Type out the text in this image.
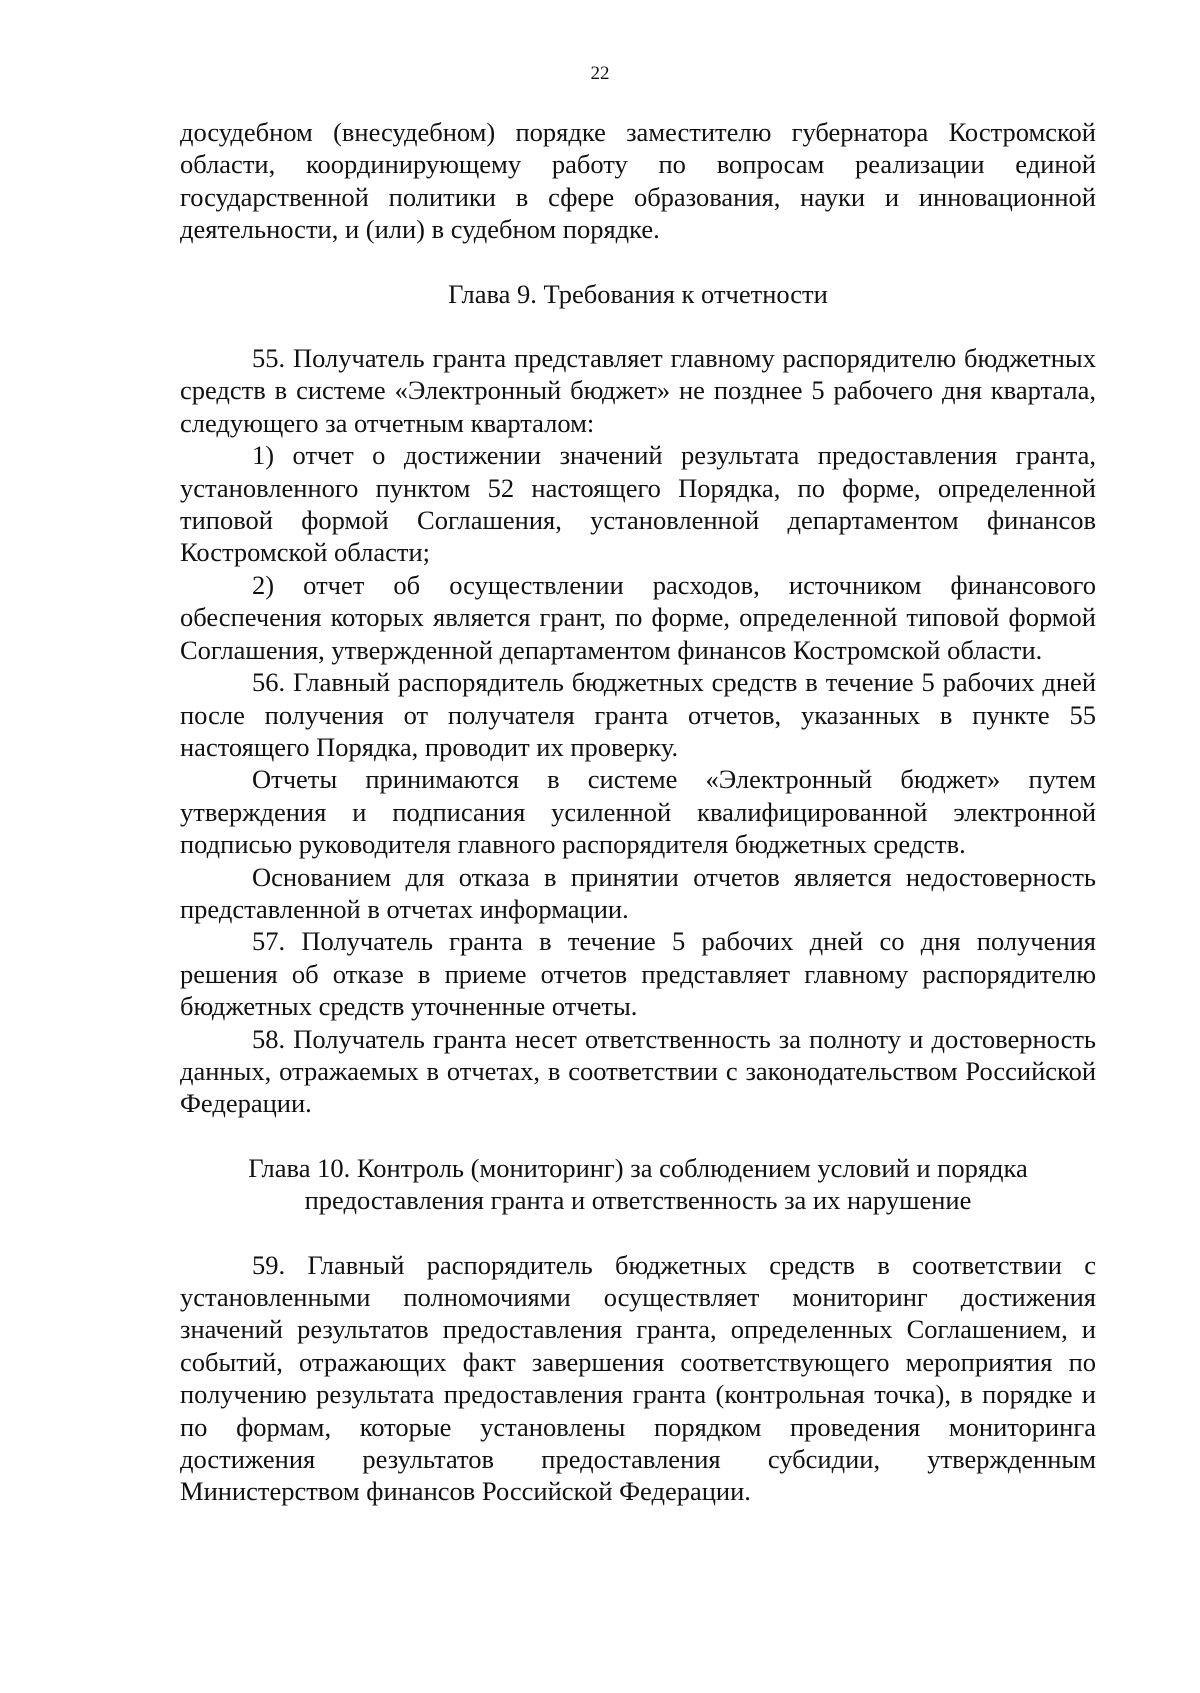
22

досудебном (внесудебном) порядке заместителю губернатора Костромской области, координирующему работу по вопросам реализации единой государственной политики в сфере образования, науки и инновационной деятельности, и (или) в судебном порядке.

Глава 9. Требования к отчетности

55. Получатель гранта представляет главному распорядителю бюджетных средств в системе «Электронный бюджет» не позднее 5 рабочего дня квартала, следующего за отчетным кварталом:

1) отчет о достижении значений результата предоставления гранта, установленного пунктом 52 настоящего Порядка, по форме, определенной типовой формой Соглашения, установленной департаментом финансов Костромской области;

2) отчет об осуществлении расходов, источником финансового обеспечения которых является грант, по форме, определенной типовой формой Соглашения, утвержденной департаментом финансов Костромской области.

56. Главный распорядитель бюджетных средств в течение 5 рабочих дней после получения от получателя гранта отчетов, указанных в пункте 55 настоящего Порядка, проводит их проверку.

Отчеты принимаются в системе «Электронный бюджет» путем утверждения и подписания усиленной квалифицированной электронной подписью руководителя главного распорядителя бюджетных средств.

Основанием для отказа в принятии отчетов является недостоверность представленной в отчетах информации.

57. Получатель гранта в течение 5 рабочих дней со дня получения решения об отказе в приеме отчетов представляет главному распорядителю бюджетных средств уточненные отчеты.

58. Получатель гранта несет ответственность за полноту и достоверность данных, отражаемых в отчетах, в соответствии с законодательством Российской Федерации.

Глава 10. Контроль (мониторинг) за соблюдением условий и порядка
предоставления гранта и ответственность за их нарушение

59. Главный распорядитель бюджетных средств в соответствии с установленными полномочиями осуществляет мониторинг достижения значений результатов предоставления гранта, определенных Соглашением, и событий, отражающих факт завершения соответствующего мероприятия по получению результата предоставления гранта (контрольная точка), в порядке и по формам, которые установлены порядком проведения мониторинга достижения результатов предоставления субсидии, утвержденным Министерством финансов Российской Федерации.
